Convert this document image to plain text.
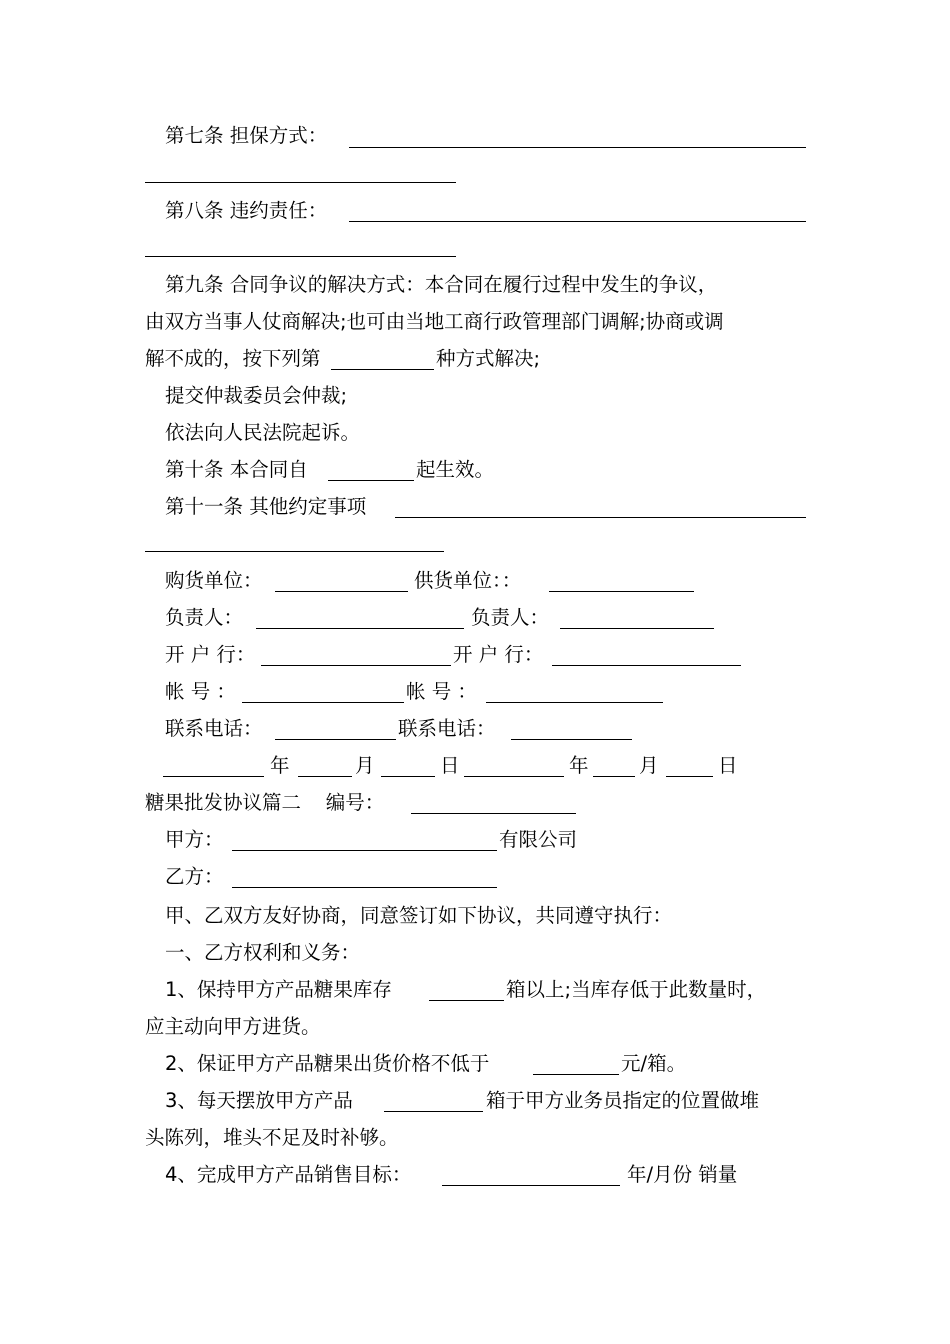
第七条 担保方式：
第八条 违约责任：
第九条 合同争议的解决方式：本合同在履行过程中发生的争议，
由双方当事人仗商解决;也可由当地工商行政管理部门调解;协商或调
解不成的，按下列第	种方式解决;
提交仲裁委员会仲裁;
依法向人民法院起诉。
第十条 本合同自	起生效。
第十一条 其他约定事项
购货单位：	供货单位：：
负责人：	负责人：
开 户 行：	开 户 行：
帐 号 ：	帐 号 ：
联系电话：	联系电话：
年	月	日	年	月	日
糖果批发协议篇二    编号：
甲方：	有限公司
乙方：
甲、乙双方友好协商，同意签订如下协议，共同遵守执行：
一、乙方权利和义务：
1、保持甲方产品糖果库存	箱以上;当库存低于此数量时，
应主动向甲方进货。
2、保证甲方产品糖果出货价格不低于	元/箱。
3、每天摆放甲方产品	箱于甲方业务员指定的位置做堆
头陈列，堆头不足及时补够。
4、完成甲方产品销售目标：	年/月份 销量
